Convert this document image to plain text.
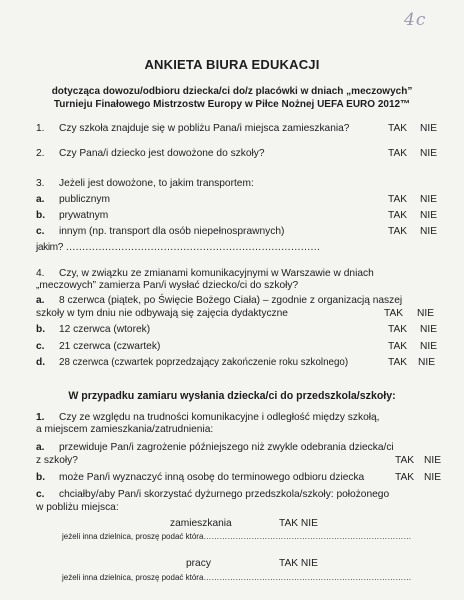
4c
ANKIETA BIURA EDUKACJI
dotycząca dowozu/odbioru dziecka/ci do/z placówki w dniach „meczowych”
Turnieju Finałowego Mistrzostw Europy w Piłce Nożnej UEFA EURO 2012™
1. Czy szkoła znajduje się w pobliżu Pana/i miejsca zamieszkania?	TAK NIE
2. Czy Pana/i dziecko jest dowożone do szkoły?	TAK NIE
3. Jeżeli jest dowożone, to jakim transportem:
a. publicznym	TAK NIE
b. prywatnym	TAK NIE
c. innym (np. transport dla osób niepełnosprawnych)	TAK NIE
jakim? ……………………………………………………………………
4. Czy, w związku ze zmianami komunikacyjnymi w Warszawie w dniach
„meczowych” zamierza Pan/i wysłać dziecko/ci do szkoły?
a. 8 czerwca (piątek, po Święcie Bożego Ciała) – zgodnie z organizacją naszej
szkoły w tym dniu nie odbywają się zajęcia dydaktyczne	TAK NIE
b. 12 czerwca (wtorek)	TAK NIE
c. 21 czerwca (czwartek)	TAK NIE
d. 28 czerwca (czwartek poprzedzający zakończenie roku szkolnego)	TAK NIE
W przypadku zamiaru wysłania dziecka/ci do przedszkola/szkoły:
1. Czy ze względu na trudności komunikacyjne i odległość między szkołą,
a miejscem zamieszkania/zatrudnienia:
a. przewiduje Pan/i zagrożenie późniejszego niż zwykle odebrania dziecka/ci
z szkoły?	TAK NIE
b. może Pan/i wyznaczyć inną osobę do terminowego odbioru dziecka	TAK NIE
c. chciałby/aby Pan/i skorzystać dyżurnego przedszkola/szkoły: położonego
w pobliżu miejsca:
zamieszkania	TAK NIE
jeżeli inna dzielnica, proszę podać która……………………………………………………………………
pracy	TAK NIE
jeżeli inna dzielnica, proszę podać która……………………………………………………………………
